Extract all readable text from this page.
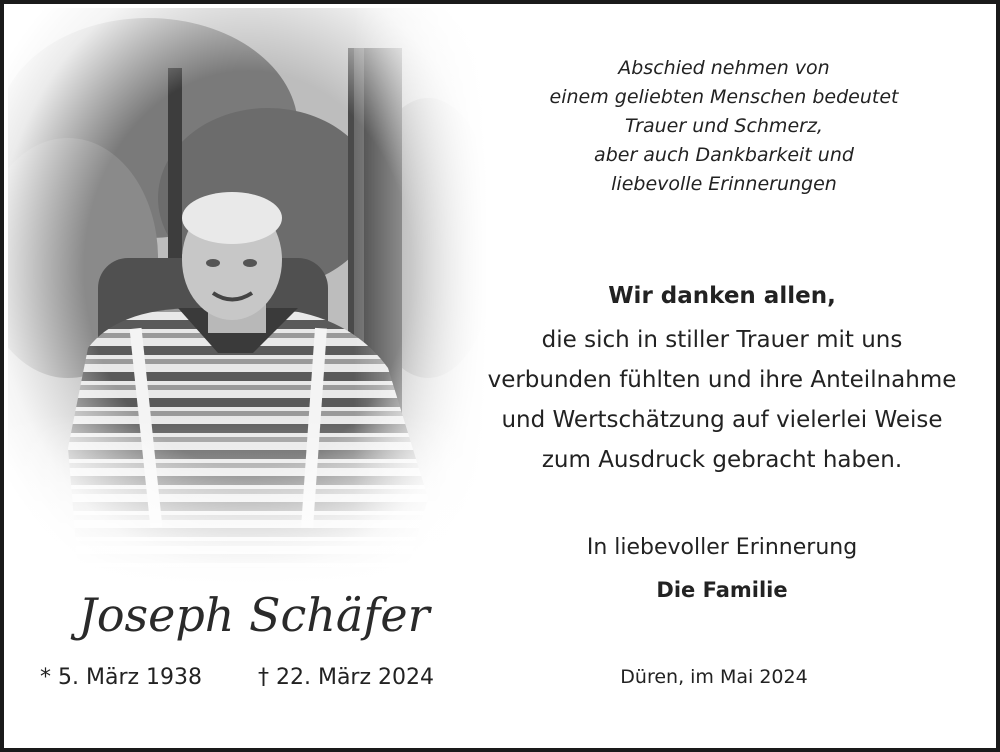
Abschied nehmen von
einem geliebten Menschen bedeutet
Trauer und Schmerz,
aber auch Dankbarkeit und
liebevolle Erinnerungen
Wir danken allen,
die sich in stiller Trauer mit uns
verbunden fühlten und ihre Anteilnahme
und Wertschätzung auf vielerlei Weise
zum Ausdruck gebracht haben.
In liebevoller Erinnerung
Die Familie
Düren, im Mai 2024
Joseph Schäfer
* 5. März 1938	† 22. März 2024
